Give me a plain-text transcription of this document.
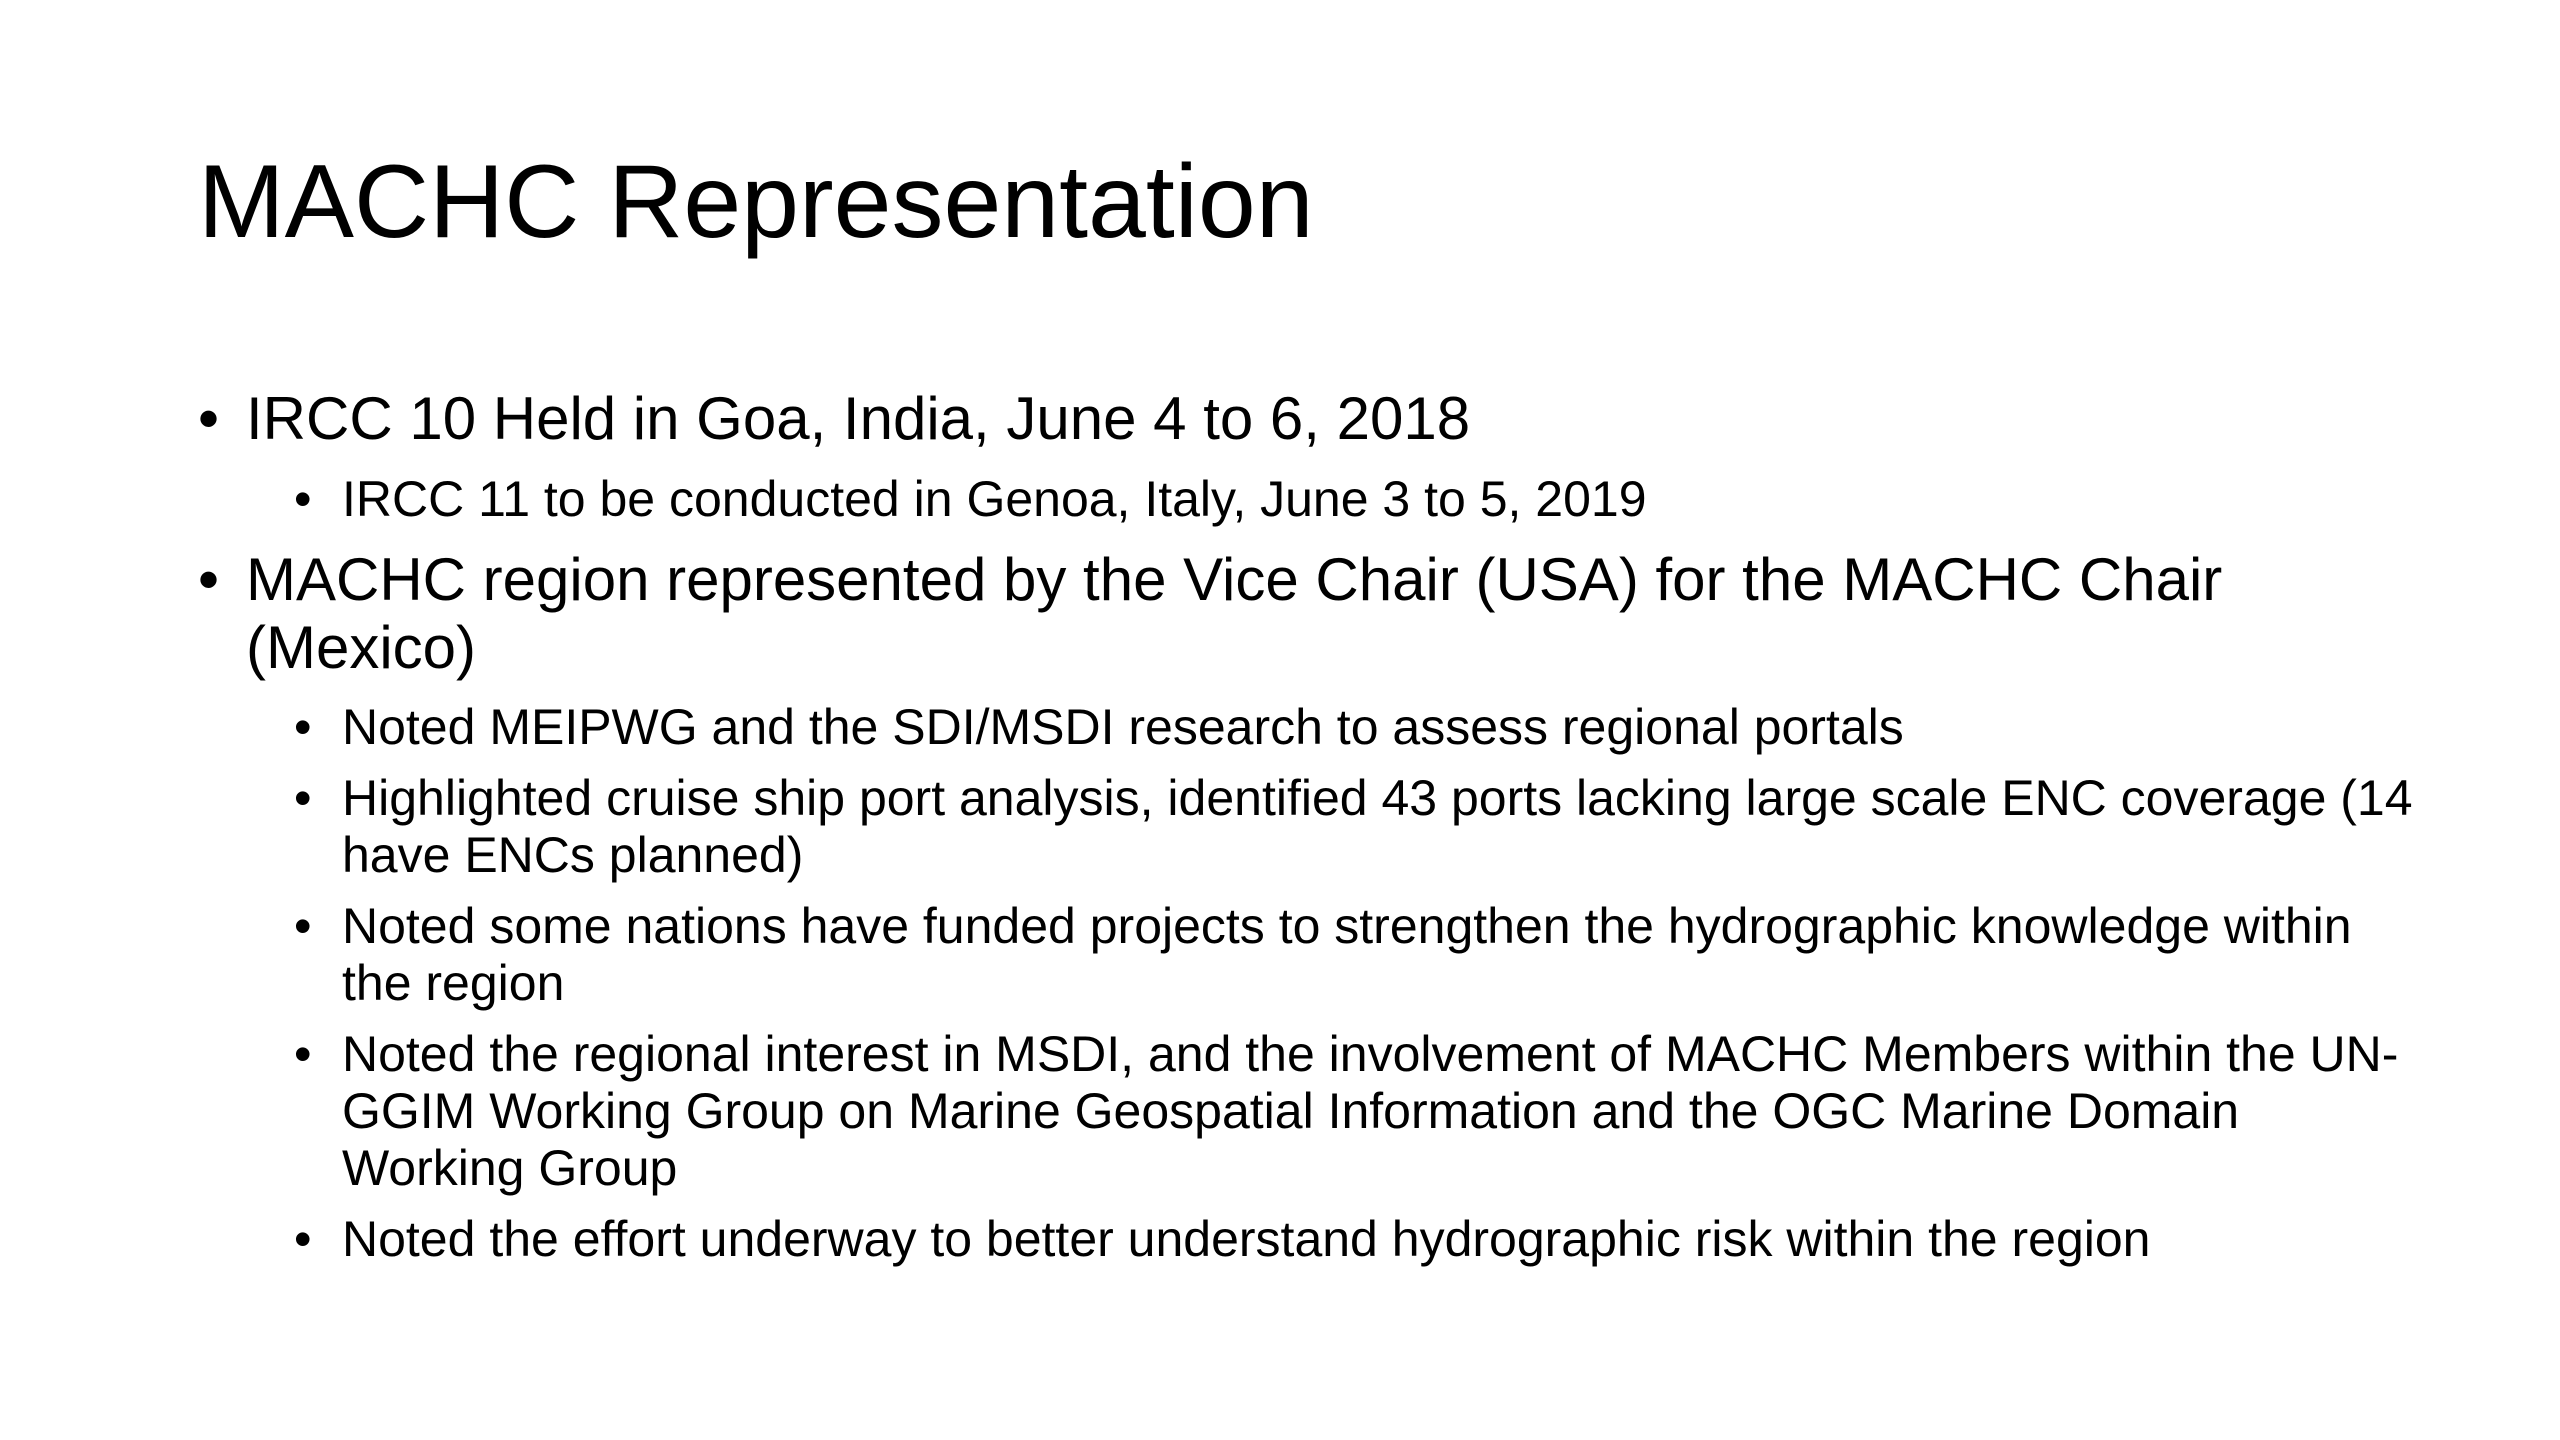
MACHC Representation
• IRCC 10 Held in Goa, India, June 4 to 6, 2018
• IRCC 11 to be conducted in Genoa, Italy, June 3 to 5, 2019
• MACHC region represented by the Vice Chair (USA) for the MACHC Chair (Mexico)
• Noted MEIPWG and the SDI/MSDI research to assess regional portals
• Highlighted cruise ship port analysis, identified 43 ports lacking large scale ENC coverage (14 have ENCs planned)
• Noted some nations have funded projects to strengthen the hydrographic knowledge within the region
• Noted the regional interest in MSDI, and the involvement of MACHC Members within the UN-GGIM Working Group on Marine Geospatial Information and the OGC Marine Domain Working Group
• Noted the effort underway to better understand hydrographic risk within the region
